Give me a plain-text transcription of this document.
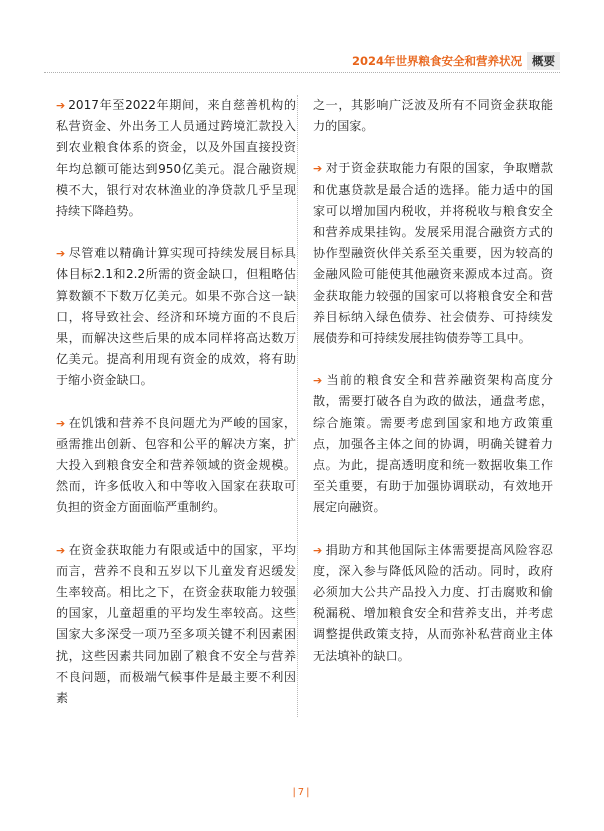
2024年世界粮食安全和营养状况 概要

➔ 2017年至2022年期间，来自慈善机构的私营资金、外出务工人员通过跨境汇款投入到农业粮食体系的资金，以及外国直接投资年均总额可能达到950亿美元。混合融资规模不大，银行对农林渔业的净贷款几乎呈现持续下降趋势。

➔ 尽管难以精确计算实现可持续发展目标具体目标2.1和2.2所需的资金缺口，但粗略估算数额不下数万亿美元。如果不弥合这一缺口，将导致社会、经济和环境方面的不良后果，而解决这些后果的成本同样将高达数万亿美元。提高利用现有资金的成效，将有助于缩小资金缺口。

➔ 在饥饿和营养不良问题尤为严峻的国家，亟需推出创新、包容和公平的解决方案，扩大投入到粮食安全和营养领域的资金规模。然而，许多低收入和中等收入国家在获取可负担的资金方面面临严重制约。

➔ 在资金获取能力有限或适中的国家，平均而言，营养不良和五岁以下儿童发育迟缓发生率较高。相比之下，在资金获取能力较强的国家，儿童超重的平均发生率较高。这些国家大多深受一项乃至多项关键不利因素困扰，这些因素共同加剧了粮食不安全与营养不良问题，而极端气候事件是最主要不利因素

之一，其影响广泛波及所有不同资金获取能力的国家。

➔ 对于资金获取能力有限的国家，争取赠款和优惠贷款是最合适的选择。能力适中的国家可以增加国内税收，并将税收与粮食安全和营养成果挂钩。发展采用混合融资方式的协作型融资伙伴关系至关重要，因为较高的金融风险可能使其他融资来源成本过高。资金获取能力较强的国家可以将粮食安全和营养目标纳入绿色债券、社会债券、可持续发展债券和可持续发展挂钩债券等工具中。

➔ 当前的粮食安全和营养融资架构高度分散，需要打破各自为政的做法，通盘考虑，综合施策。需要考虑到国家和地方政策重点，加强各主体之间的协调，明确关键着力点。为此，提高透明度和统一数据收集工作至关重要，有助于加强协调联动，有效地开展定向融资。

➔ 捐助方和其他国际主体需要提高风险容忍度，深入参与降低风险的活动。同时，政府必须加大公共产品投入力度、打击腐败和偷税漏税、增加粮食安全和营养支出，并考虑调整提供政策支持，从而弥补私营商业主体无法填补的缺口。

|7|
